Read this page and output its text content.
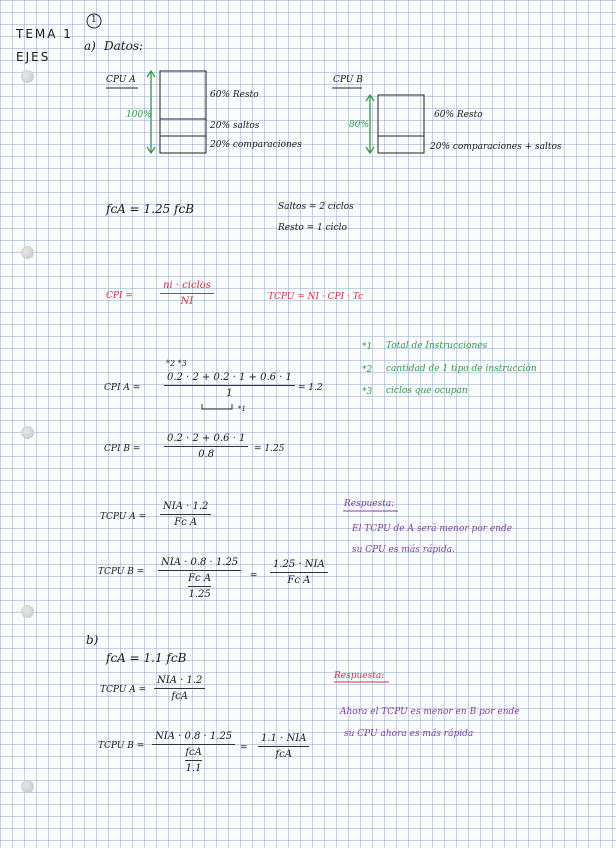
TEMA 1
EJES
1
a) Datos:
CPU A
100%
60% Resto
20% saltos
20% comparaciones
CPU B
80%
60% Resto
20% comparaciones + saltos
fcA = 1.25 fcB	Saltos = 2 ciclos
Resto = 1 ciclo
CPI =
ni · ciclos
NI	TCPU = NI · CPI · Tc
*1 Total de Instrucciones
*2 cantidad de 1 tipo de instrucción
*3 ciclos que ocupan
CPI A =
*2 *3
$\frac{0.2 \cdot 2 + 0.2 \cdot 1 + 0.6 \cdot 1}{1}$
*1
= 1.2
CPI $B = \frac{0.2 \cdot 2 + 0.6 \cdot 1}{0.8} = 1.25$
TCPU A =
NIA · 1.2
Fc A
TCPU B =
NIA · 0.8 · 1.25
Fc A
1.25
=
1.25 · NIA
Fc A
Respuesta:
El TCPU de A será menor por ende
su CPU es más rápida.
b)
fcA = 1.1 fcB
TCPU A =
NIA · 1.2
fcA
TCPU B =
NIA · 0.8 · 1.25
fcA
1.1
=
1.1 · NIA
fcA
Respuesta:
Ahora el TCPU es menor en B por ende
su CPU ahora es más rápida
